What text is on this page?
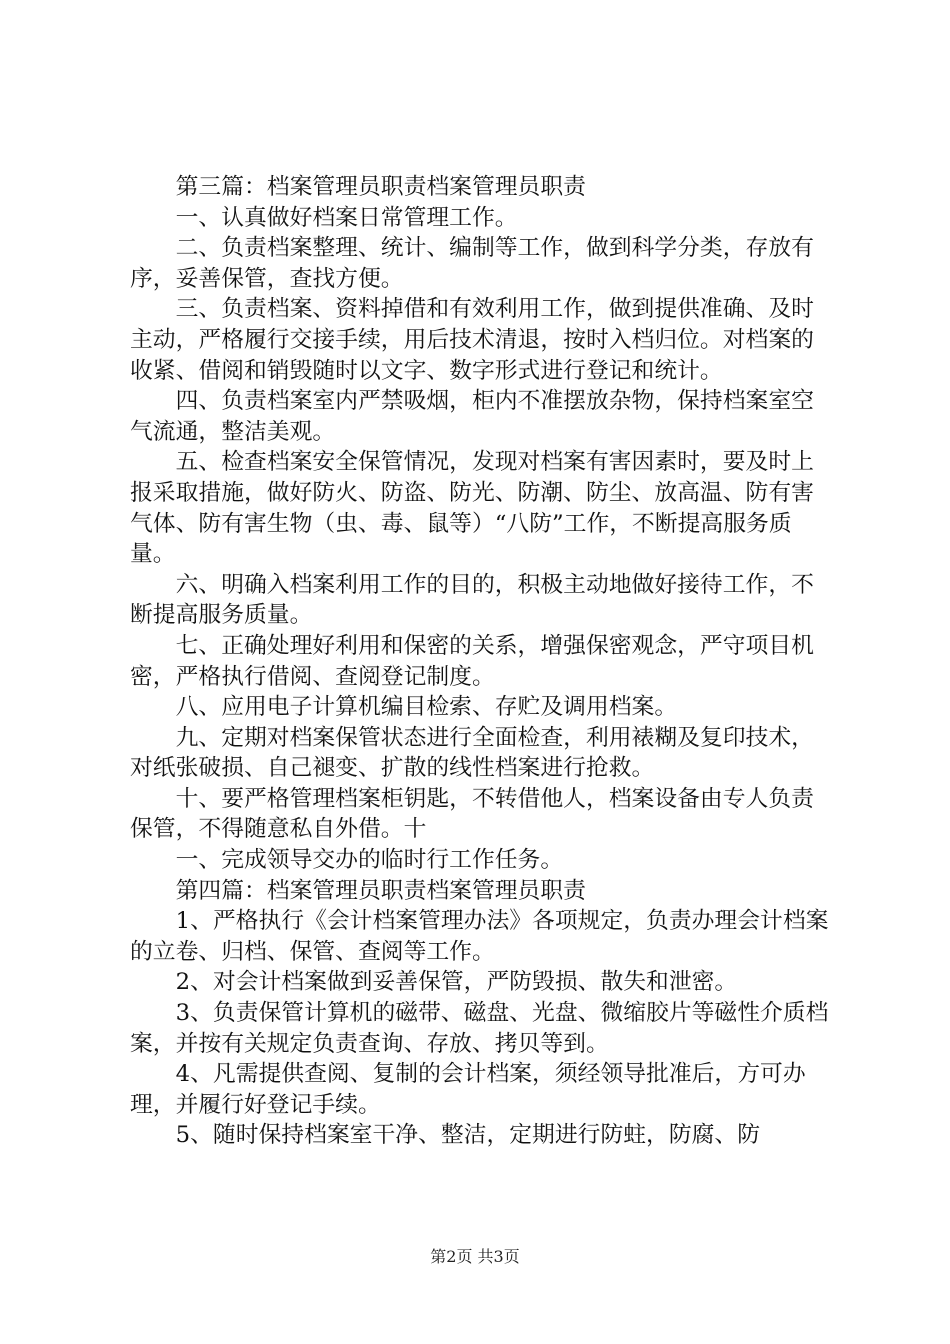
第三篇：档案管理员职责档案管理员职责

一、认真做好档案日常管理工作。

二、负责档案整理、统计、编制等工作，做到科学分类，存放有序，妥善保管，查找方便。

三、负责档案、资料掉借和有效利用工作，做到提供准确、及时主动，严格履行交接手续，用后技术清退，按时入档归位。对档案的收紧、借阅和销毁随时以文字、数字形式进行登记和统计。

四、负责档案室内严禁吸烟，柜内不准摆放杂物，保持档案室空气流通，整洁美观。

五、检查档案安全保管情况，发现对档案有害因素时，要及时上报采取措施，做好防火、防盗、防光、防潮、防尘、放高温、防有害气体、防有害生物（虫、毒、鼠等）“八防”工作，不断提高服务质量。

六、明确入档案利用工作的目的，积极主动地做好接待工作，不断提高服务质量。

七、正确处理好利用和保密的关系，增强保密观念，严守项目机密，严格执行借阅、查阅登记制度。

八、应用电子计算机编目检索、存贮及调用档案。

九、定期对档案保管状态进行全面检查，利用裱糊及复印技术，对纸张破损、自己褪变、扩散的线性档案进行抢救。

十、要严格管理档案柜钥匙，不转借他人，档案设备由专人负责保管，不得随意私自外借。十

一、完成领导交办的临时行工作任务。

第四篇：档案管理员职责档案管理员职责

1、严格执行《会计档案管理办法》各项规定，负责办理会计档案的立卷、归档、保管、查阅等工作。

2、对会计档案做到妥善保管，严防毁损、散失和泄密。

3、负责保管计算机的磁带、磁盘、光盘、微缩胶片等磁性介质档案，并按有关规定负责查询、存放、拷贝等到。

4、凡需提供查阅、复制的会计档案，须经领导批准后，方可办理，并履行好登记手续。

5、随时保持档案室干净、整洁，定期进行防蛀，防腐、防

第2页 共3页
